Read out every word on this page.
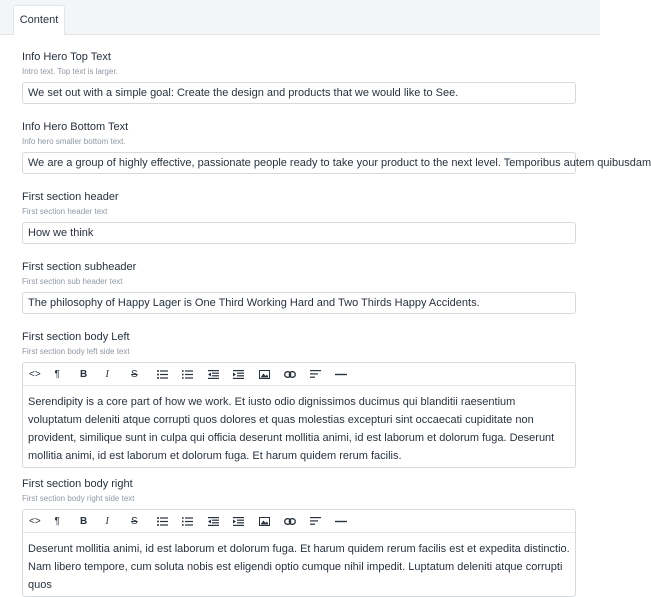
Content
Info Hero Top Text
Intro text. Top text is larger.
We set out with a simple goal: Create the design and products that we would like to See.
Info Hero Bottom Text
Info hero smaller bottom text.
We are a group of highly effective, passionate people ready to take your product to the next level. Temporibus autem quibusdam
First section header
First section header text
How we think
First section subheader
First section sub header text
The philosophy of Happy Lager is One Third Working Hard and Two Thirds Happy Accidents.
First section body Left
First section body left side text
<> ¶ B I S
Serendipity is a core part of how we work. Et iusto odio dignissimos ducimus qui blanditii raesentium voluptatum deleniti atque corrupti quos dolores et quas molestias excepturi sint occaecati cupiditate non provident, similique sunt in culpa qui officia deserunt mollitia animi, id est laborum et dolorum fuga. Deserunt mollitia animi, id est laborum et dolorum fuga. Et harum quidem rerum facilis.
First section body right
First section body right side text
<> ¶ B I S
Deserunt mollitia animi, id est laborum et dolorum fuga. Et harum quidem rerum facilis est et expedita distinctio. Nam libero tempore, cum soluta nobis est eligendi optio cumque nihil impedit. Luptatum deleniti atque corrupti quos
